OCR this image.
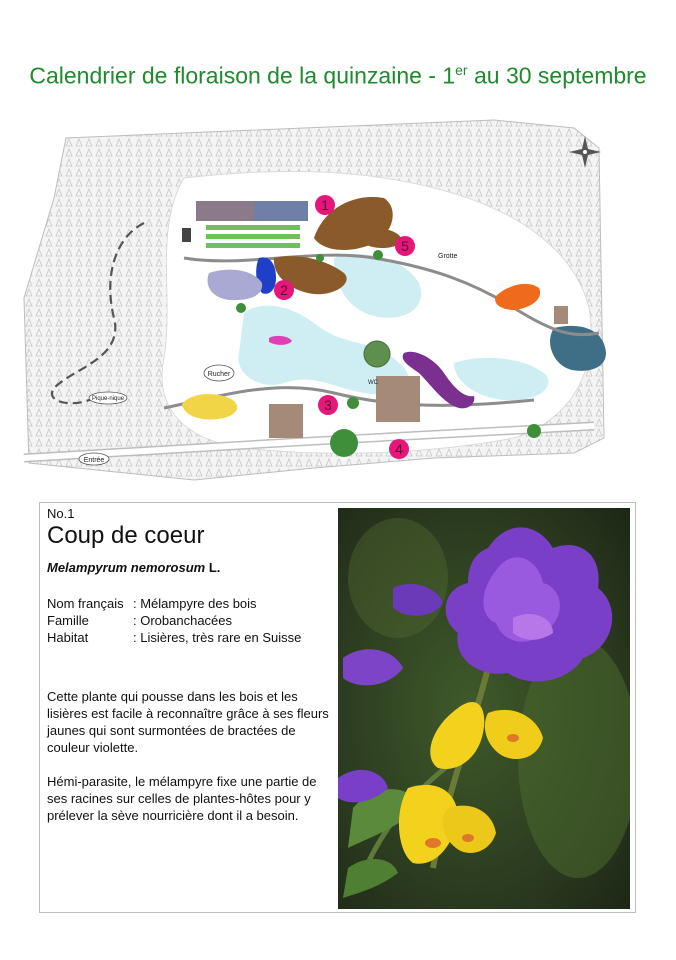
Calendrier de floraison de la quinzaine - 1er au 30 septembre
Grotte
Rucher
WC
Pique-nique
Entrée
1
2
3
4
5
No.1
Coup de coeur
Melampyrum nemorosum L.
Nom français : Mélampyre des bois
Famille	: Orobanchacées
Habitat	: Lisières, très rare en Suisse
Cette plante qui pousse dans les bois et les lisières est facile à reconnaître grâce à ses fleurs jaunes qui sont surmontées de bractées de couleur violette.
Hémi-parasite, le mélampyre fixe une partie de ses racines sur celles de plantes-hôtes pour y prélever la sève nourricière dont il a besoin.
